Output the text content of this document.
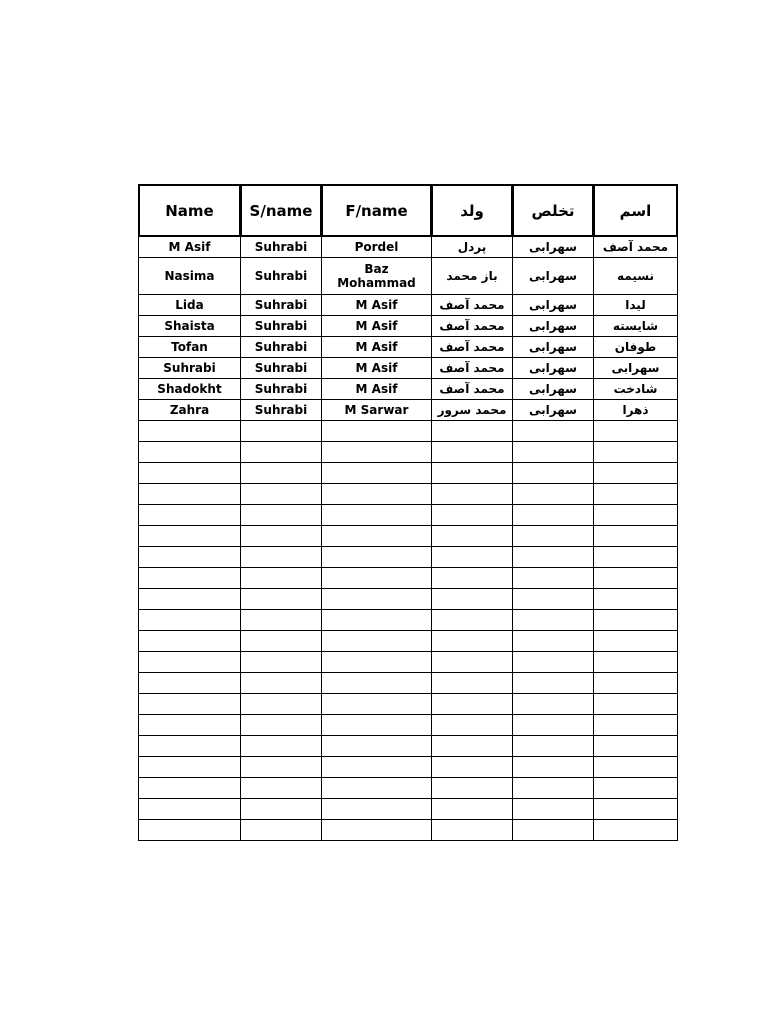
Name	S/name	F/name	ولد	تخلص	اسم
M Asif	Suhrabi	Pordel	پردل	سهرابی	محمد آصف
Nasima	Suhrabi	Baz Mohammad	باز محمد	سهرابی	نسیمه
Lida	Suhrabi	M Asif	محمد آصف	سهرابی	لیدا
Shaista	Suhrabi	M Asif	محمد آصف	سهرابی	شایسته
Tofan	Suhrabi	M Asif	محمد آصف	سهرابی	طوفان
Suhrabi	Suhrabi	M Asif	محمد آصف	سهرابی	سهرابی
Shadokht	Suhrabi	M Asif	محمد آصف	سهرابی	شادخت
Zahra	Suhrabi	M Sarwar	محمد سرور	سهرابی	ذهرا
